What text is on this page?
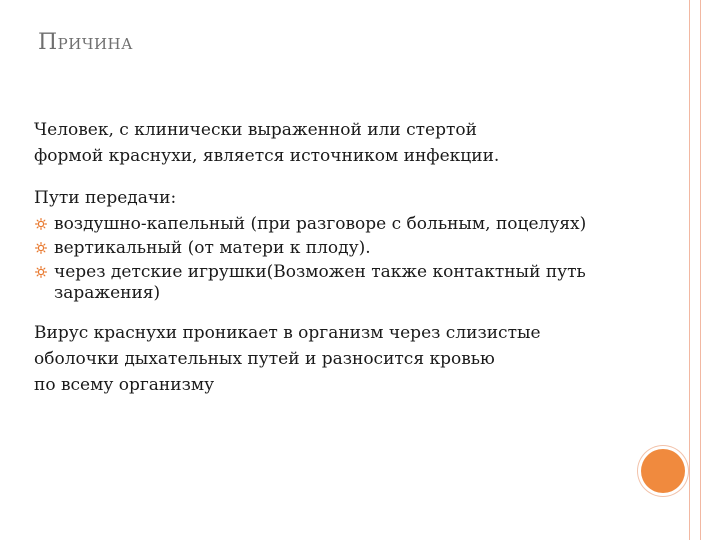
Причина

Человек, с клинически выраженной или стертой
формой краснухи, является источником инфекции.

Пути передачи:

воздушно-капельный (при разговоре с больным, поцелуях)
вертикальный (от матери к плоду).
через детские игрушки(Возможен также контактный путь заражения)

Вирус краснухи проникает в организм через слизистые
оболочки дыхательных путей и разносится кровью
по всему организму
